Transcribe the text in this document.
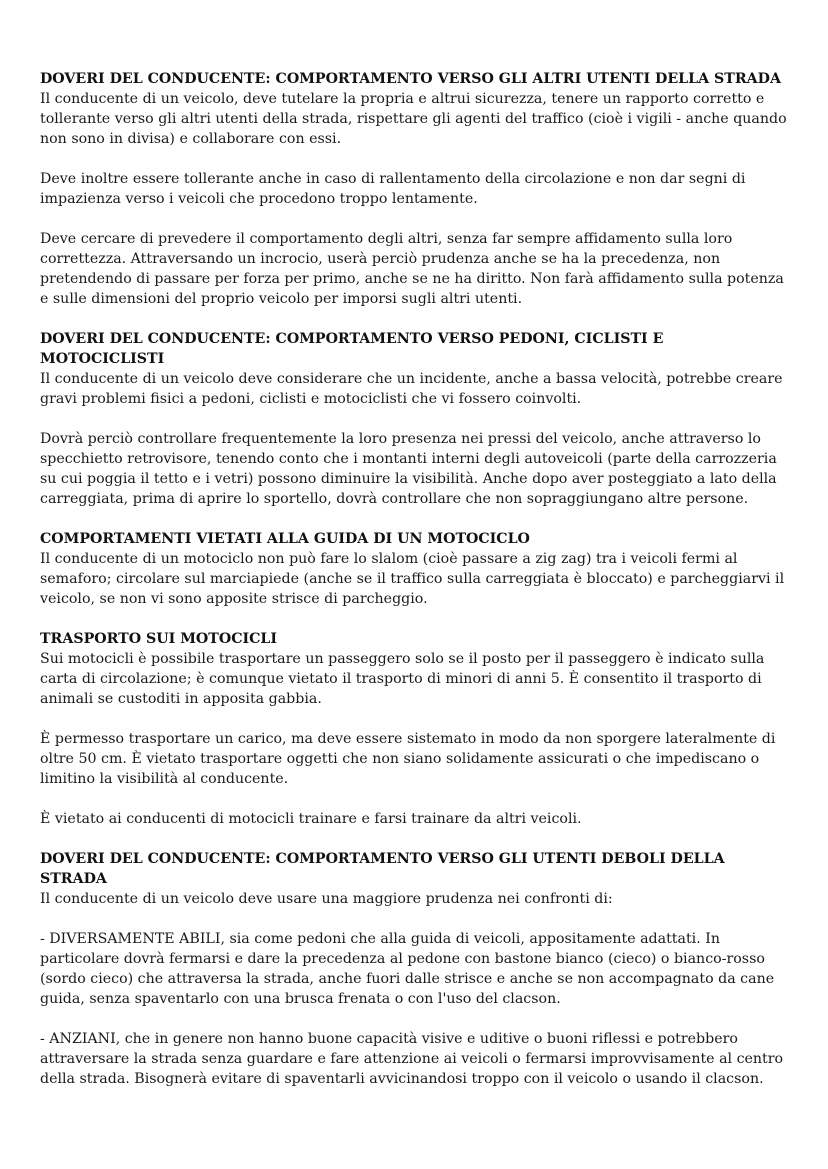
DOVERI DEL CONDUCENTE: COMPORTAMENTO VERSO GLI ALTRI UTENTI DELLA STRADA

Il conducente di un veicolo, deve tutelare la propria e altrui sicurezza, tenere un rapporto corretto e tollerante verso gli altri utenti della strada, rispettare gli agenti del traffico (cioè i vigili - anche quando non sono in divisa) e collaborare con essi.

Deve inoltre essere tollerante anche in caso di rallentamento della circolazione e non dar segni di impazienza verso i veicoli che procedono troppo lentamente.

Deve cercare di prevedere il comportamento degli altri, senza far sempre affidamento sulla loro correttezza. Attraversando un incrocio, userà perciò prudenza anche se ha la precedenza, non pretendendo di passare per forza per primo, anche se ne ha diritto. Non farà affidamento sulla potenza e sulle dimensioni del proprio veicolo per imporsi sugli altri utenti.

DOVERI DEL CONDUCENTE: COMPORTAMENTO VERSO PEDONI, CICLISTI E MOTOCICLISTI

Il conducente di un veicolo deve considerare che un incidente, anche a bassa velocità, potrebbe creare gravi problemi fisici a pedoni, ciclisti e motociclisti che vi fossero coinvolti.

Dovrà perciò controllare frequentemente la loro presenza nei pressi del veicolo, anche attraverso lo specchietto retrovisore, tenendo conto che i montanti interni degli autoveicoli (parte della carrozzeria su cui poggia il tetto e i vetri) possono diminuire la visibilità. Anche dopo aver posteggiato a lato della carreggiata, prima di aprire lo sportello, dovrà controllare che non sopraggiungano altre persone.

COMPORTAMENTI VIETATI ALLA GUIDA DI UN MOTOCICLO

Il conducente di un motociclo non può fare lo slalom (cioè passare a zig zag) tra i veicoli fermi al semaforo; circolare sul marciapiede (anche se il traffico sulla carreggiata è bloccato) e parcheggiarvi il veicolo, se non vi sono apposite strisce di parcheggio.

TRASPORTO SUI MOTOCICLI

Sui motocicli è possibile trasportare un passeggero solo se il posto per il passeggero è indicato sulla carta di circolazione; è comunque vietato il trasporto di minori di anni 5. È consentito il trasporto di animali se custoditi in apposita gabbia.

È permesso trasportare un carico, ma deve essere sistemato in modo da non sporgere lateralmente di oltre 50 cm. È vietato trasportare oggetti che non siano solidamente assicurati o che impediscano o limitino la visibilità al conducente.

È vietato ai conducenti di motocicli trainare e farsi trainare da altri veicoli.

DOVERI DEL CONDUCENTE: COMPORTAMENTO VERSO GLI UTENTI DEBOLI DELLA STRADA

Il conducente di un veicolo deve usare una maggiore prudenza nei confronti di:

- DIVERSAMENTE ABILI, sia come pedoni che alla guida di veicoli, appositamente adattati. In particolare dovrà fermarsi e dare la precedenza al pedone con bastone bianco (cieco) o bianco-rosso (sordo cieco) che attraversa la strada, anche fuori dalle strisce e anche se non accompagnato da cane guida, senza spaventarlo con una brusca frenata o con l'uso del clacson.

- ANZIANI, che in genere non hanno buone capacità visive e uditive o buoni riflessi e potrebbero attraversare la strada senza guardare e fare attenzione ai veicoli o fermarsi improvvisamente al centro della strada. Bisognerà evitare di spaventarli avvicinandosi troppo con il veicolo o usando il clacson.
